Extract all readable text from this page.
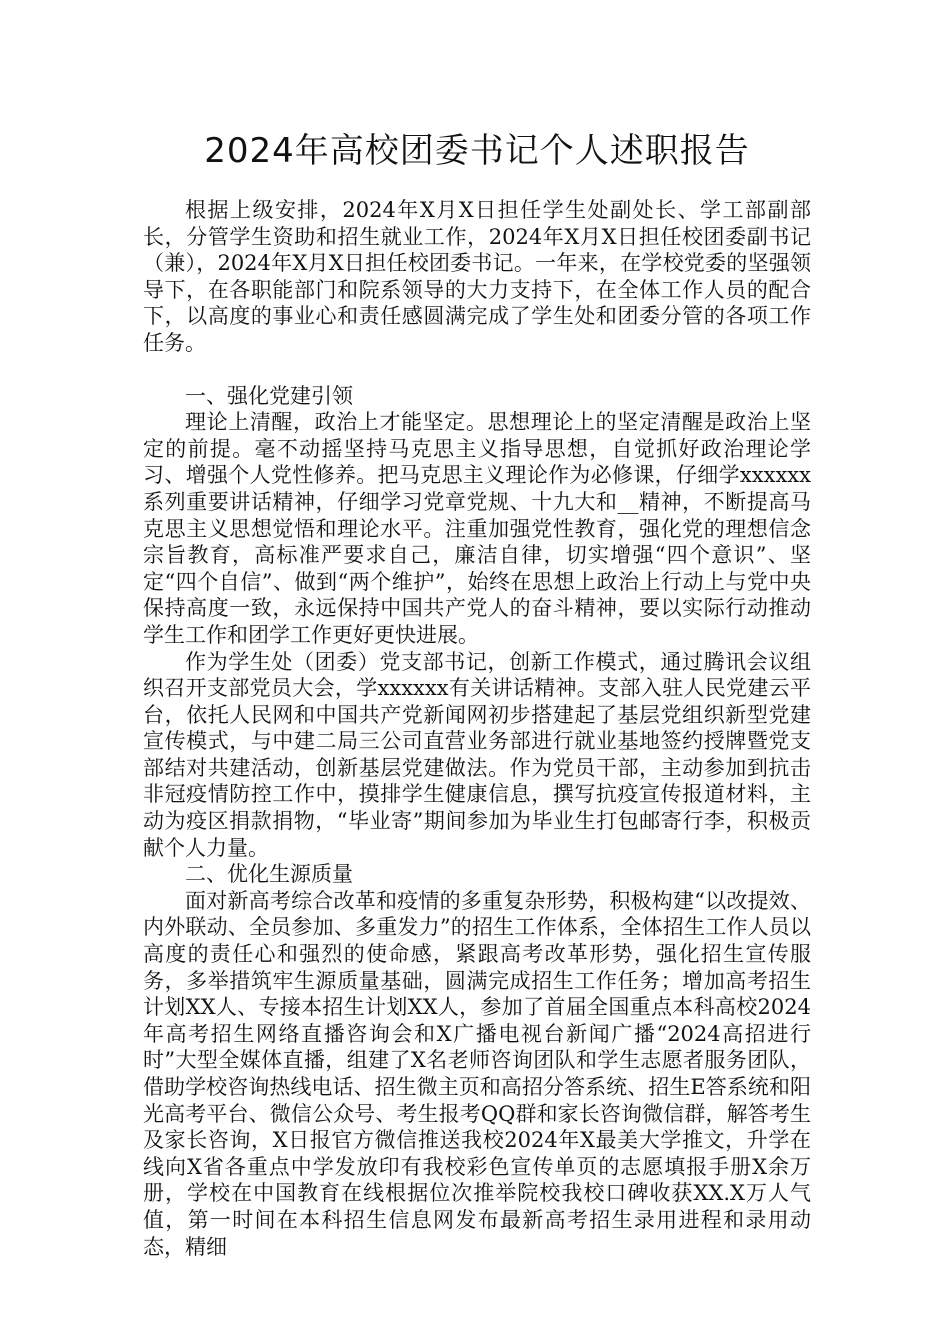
2024年高校团委书记个人述职报告

根据上级安排，2024年X月X日担任学生处副处长、学工部副部长，分管学生资助和招生就业工作，2024年X月X日担任校团委副书记（兼），2024年X月X日担任校团委书记。一年来，在学校党委的坚强领导下，在各职能部门和院系领导的大力支持下，在全体工作人员的配合下，以高度的事业心和责任感圆满完成了学生处和团委分管的各项工作任务。

一、强化党建引领

理论上清醒，政治上才能坚定。思想理论上的坚定清醒是政治上坚定的前提。毫不动摇坚持马克思主义指导思想，自觉抓好政治理论学习、增强个人党性修养。把马克思主义理论作为必修课，仔细学xxxxxx系列重要讲话精神，仔细学习党章党规、十九大和__精神，不断提高马克思主义思想觉悟和理论水平。注重加强党性教育，强化党的理想信念宗旨教育，高标准严要求自己，廉洁自律，切实增强“四个意识”、坚定“四个自信”、做到“两个维护”，始终在思想上政治上行动上与党中央保持高度一致，永远保持中国共产党人的奋斗精神，要以实际行动推动学生工作和团学工作更好更快进展。

作为学生处（团委）党支部书记，创新工作模式，通过腾讯会议组织召开支部党员大会，学xxxxxx有关讲话精神。支部入驻人民党建云平台，依托人民网和中国共产党新闻网初步搭建起了基层党组织新型党建宣传模式，与中建二局三公司直营业务部进行就业基地签约授牌暨党支部结对共建活动，创新基层党建做法。作为党员干部，主动参加到抗击非冠疫情防控工作中，摸排学生健康信息，撰写抗疫宣传报道材料，主动为疫区捐款捐物，“毕业寄”期间参加为毕业生打包邮寄行李，积极贡献个人力量。

二、优化生源质量

面对新高考综合改革和疫情的多重复杂形势，积极构建“以改提效、内外联动、全员参加、多重发力”的招生工作体系，全体招生工作人员以高度的责任心和强烈的使命感，紧跟高考改革形势，强化招生宣传服务，多举措筑牢生源质量基础，圆满完成招生工作任务；增加高考招生计划XX人、专接本招生计划XX人，参加了首届全国重点本科高校2024年高考招生网络直播咨询会和X广播电视台新闻广播“2024高招进行时”大型全媒体直播，组建了X名老师咨询团队和学生志愿者服务团队，借助学校咨询热线电话、招生微主页和高招分答系统、招生E答系统和阳光高考平台、微信公众号、考生报考QQ群和家长咨询微信群，解答考生及家长咨询，X日报官方微信推送我校2024年X最美大学推文，升学在线向X省各重点中学发放印有我校彩色宣传单页的志愿填报手册X余万册，学校在中国教育在线根据位次推举院校我校口碑收获XX.X万人气值，第一时间在本科招生信息网发布最新高考招生录用进程和录用动态，精细
